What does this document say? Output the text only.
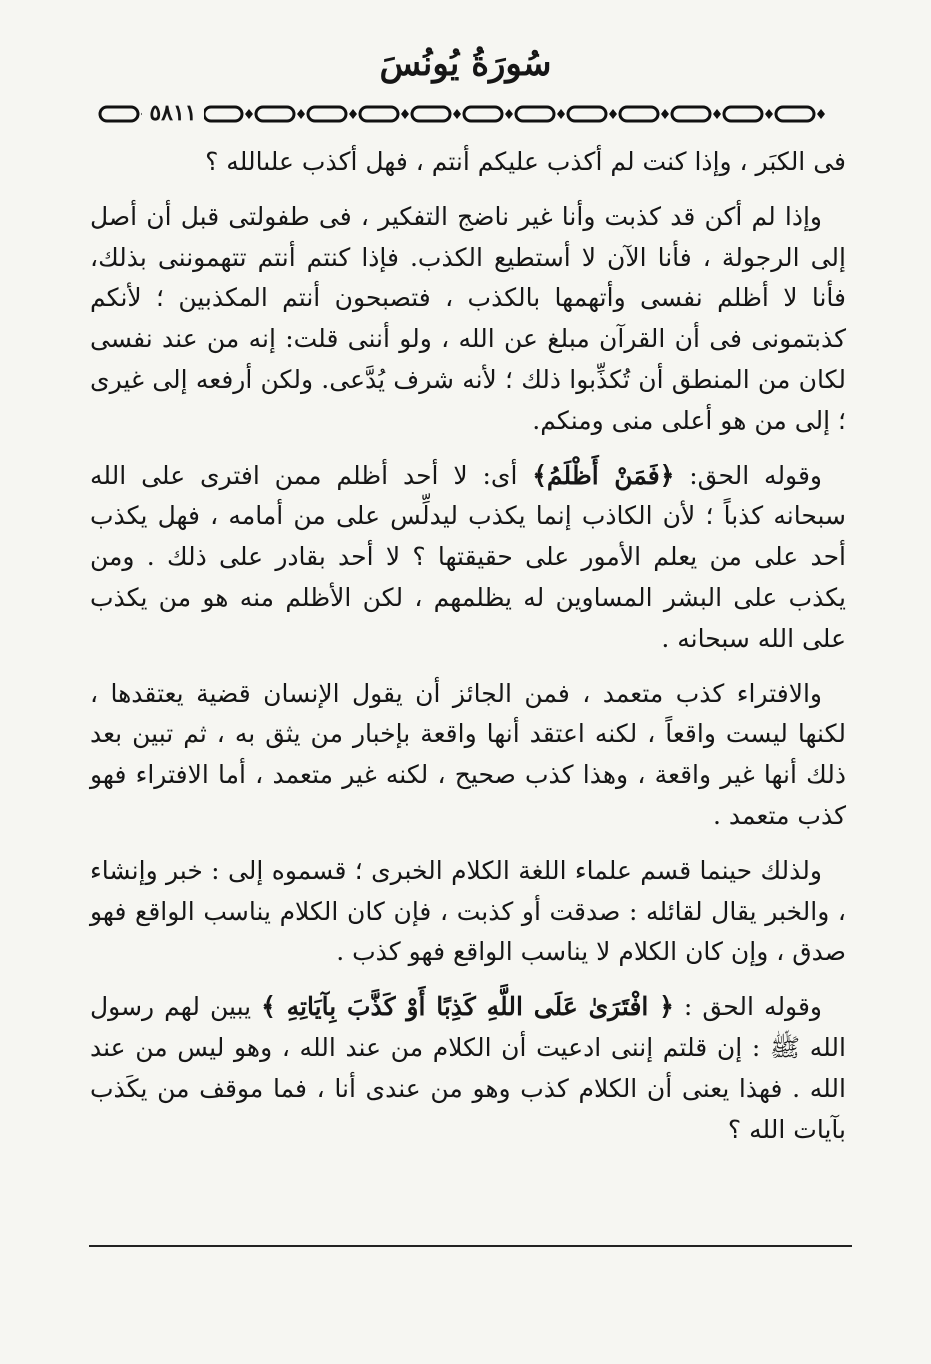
سُورَةُ يُونُسَ
٥٨١١

فى الكبَر ، وإذا كنت لم أكذب عليكم أنتم ، فهل أكذب علىالله ؟

وإذا لم أكن قد كذبت وأنا غير ناضج التفكير ، فى طفولتى قبل أن أصل إلى الرجولة ، فأنا الآن لا أستطيع الكذب. فإذا كنتم أنتم تتهموننى بذلك، فأنا لا أظلم نفسى وأتهمها بالكذب ، فتصبحون أنتم المكذبين ؛ لأنكم كذبتمونى فى أن القرآن مبلغ عن الله ، ولو أننى قلت: إنه من عند نفسى لكان من المنطق أن تُكذِّبوا ذلك ؛ لأنه شرف يُدَّعى. ولكن أرفعه إلى غيرى ؛ إلى من هو أعلى منى ومنكم.

وقوله الحق: ﴿فَمَنْ أَظْلَمُ﴾ أى: لا أحد أظلم ممن افترى على الله سبحانه كذباً ؛ لأن الكاذب إنما يكذب ليدلِّس على من أمامه ، فهل يكذب أحد على من يعلم الأمور على حقيقتها ؟ لا أحد بقادر على ذلك . ومن يكذب على البشر المساوين له يظلمهم ، لكن الأظلم منه هو من يكذب على الله سبحانه .

والافتراء كذب متعمد ، فمن الجائز أن يقول الإنسان قضية يعتقدها ، لكنها ليست واقعاً ، لكنه اعتقد أنها واقعة بإخبار من يثق به ، ثم تبين بعد ذلك أنها غير واقعة ، وهذا كذب صحيح ، لكنه غير متعمد ، أما الافتراء فهو كذب متعمد .

ولذلك حينما قسم علماء اللغة الكلام الخبرى ؛ قسموه إلى : خبر وإنشاء ، والخبر يقال لقائله : صدقت أو كذبت ، فإن كان الكلام يناسب الواقع فهو صدق ، وإن كان الكلام لا يناسب الواقع فهو كذب .

وقوله الحق : ﴿ افْتَرَىٰ عَلَى اللَّهِ كَذِبًا أَوْ كَذَّبَ بِآيَاتِهِ ﴾ يبين لهم رسول الله ﷺ : إن قلتم إننى ادعيت أن الكلام من عند الله ، وهو ليس من عند الله . فهذا يعنى أن الكلام كذب وهو من عندى أنا ، فما موقف من يكَذب بآيات الله ؟
